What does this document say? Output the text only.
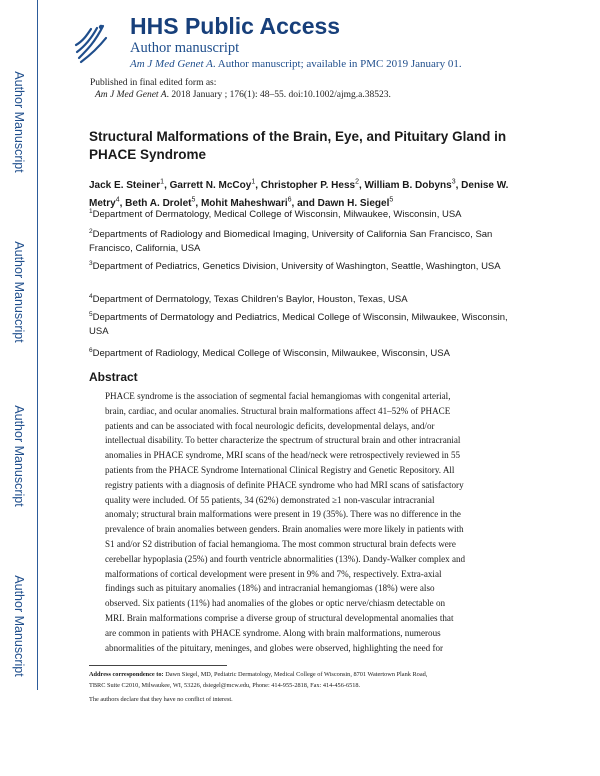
Author Manuscript
Author Manuscript
Author Manuscript
Author Manuscript
HHS Public Access
Author manuscript
Am J Med Genet A. Author manuscript; available in PMC 2019 January 01.
Published in final edited form as:
Am J Med Genet A. 2018 January ; 176(1): 48–55. doi:10.1002/ajmg.a.38523.
Structural Malformations of the Brain, Eye, and Pituitary Gland in PHACE Syndrome
Jack E. Steiner$^1$, Garrett N. McCoy$^1$, Christopher P. Hess$^2$, William B. Dobyns$^3$, Denise W. Metry$^4$, Beth A. Drolet$^5$, Mohit Maheshwari$^6$, and Dawn H. Siegel$^5$
$^1$Department of Dermatology, Medical College of Wisconsin, Milwaukee, Wisconsin, USA
$^2$Departments of Radiology and Biomedical Imaging, University of California San Francisco, San Francisco, California, USA
$^3$Department of Pediatrics, Genetics Division, University of Washington, Seattle, Washington, USA
$^4$Department of Dermatology, Texas Children's Baylor, Houston, Texas, USA
$^5$Departments of Dermatology and Pediatrics, Medical College of Wisconsin, Milwaukee, Wisconsin, USA
$^6$Department of Radiology, Medical College of Wisconsin, Milwaukee, Wisconsin, USA
Abstract
PHACE syndrome is the association of segmental facial hemangiomas with congenital arterial,
brain, cardiac, and ocular anomalies. Structural brain malformations affect 41–52% of PHACE
patients and can be associated with focal neurologic deficits, developmental delays, and/or
intellectual disability. To better characterize the spectrum of structural brain and other intracranial
anomalies in PHACE syndrome, MRI scans of the head/neck were retrospectively reviewed in 55
patients from the PHACE Syndrome International Clinical Registry and Genetic Repository. All
registry patients with a diagnosis of definite PHACE syndrome who had MRI scans of satisfactory
quality were included. Of 55 patients, 34 (62%) demonstrated ≥1 non-vascular intracranial
anomaly; structural brain malformations were present in 19 (35%). There was no difference in the
prevalence of brain anomalies between genders. Brain anomalies were more likely in patients with
S1 and/or S2 distribution of facial hemangioma. The most common structural brain defects were
cerebellar hypoplasia (25%) and fourth ventricle abnormalities (13%). Dandy-Walker complex and
malformations of cortical development were present in 9% and 7%, respectively. Extra-axial
findings such as pituitary anomalies (18%) and intracranial hemangiomas (18%) were also
observed. Six patients (11%) had anomalies of the globes or optic nerve/chiasm detectable on
MRI. Brain malformations comprise a diverse group of structural developmental anomalies that
are common in patients with PHACE syndrome. Along with brain malformations, numerous
abnormalities of the pituitary, meninges, and globes were observed, highlighting the need for
Address correspondence to: Dawn Siegel, MD, Pediatric Dermatology, Medical College of Wisconsin, 8701 Watertown Plank Road,
TBRC Suite C2010, Milwaukee, WI, 53226, dsiegel@mcw.edu, Phone: 414-955-2818, Fax: 414-456-6518.
The authors declare that they have no conflict of interest.
